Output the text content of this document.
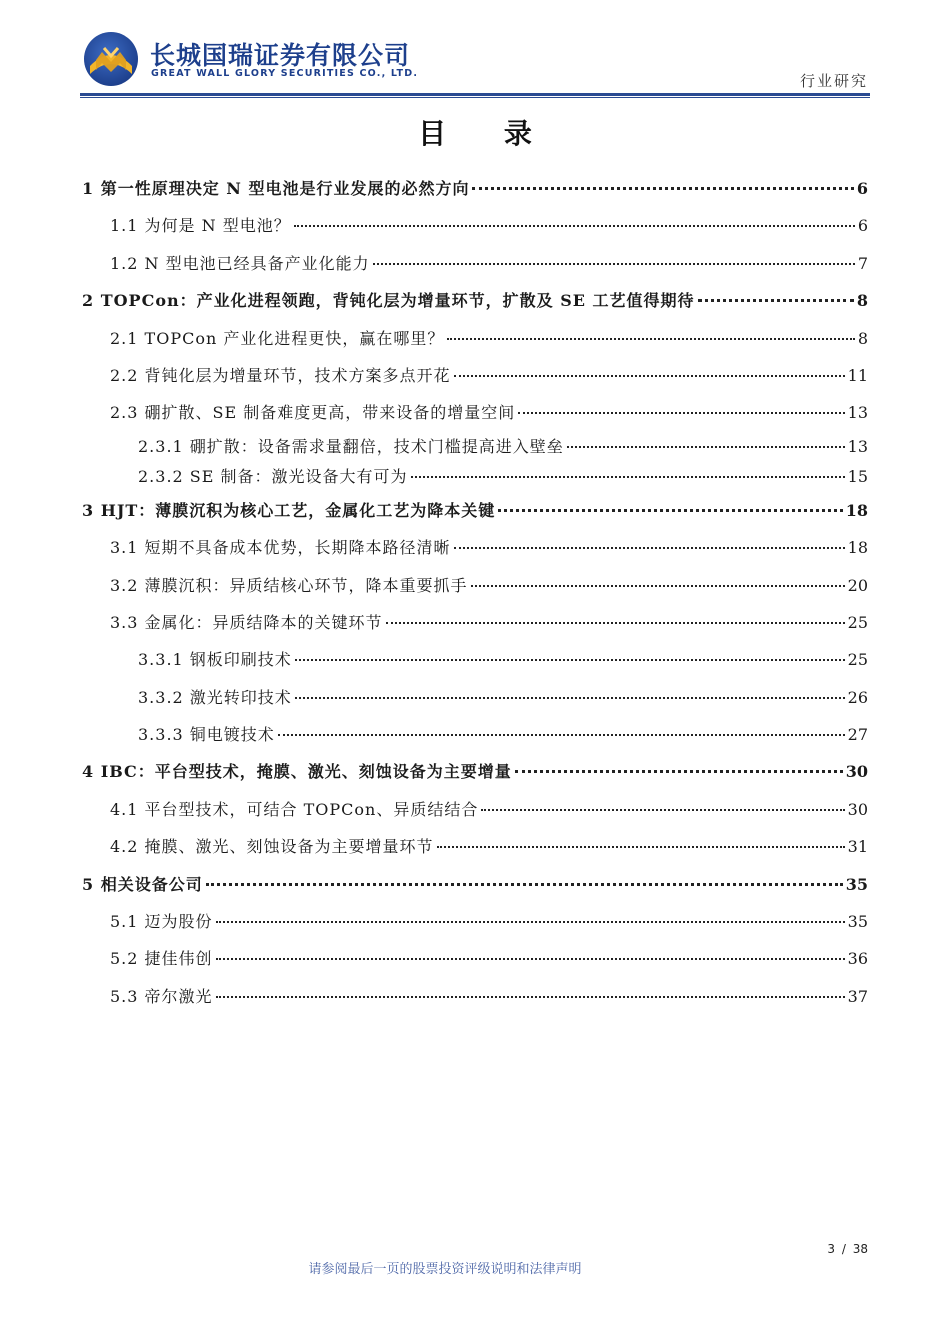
长城国瑞证券有限公司
GREAT WALL GLORY SECURITIES CO., LTD.	行业研究
目 录
1 第一性原理决定 N 型电池是行业发展的必然方向	6
1.1 为何是 N 型电池？	6
1.2 N 型电池已经具备产业化能力	7
2 TOPCon：产业化进程领跑，背钝化层为增量环节，扩散及 SE 工艺值得期待	8
2.1 TOPCon 产业化进程更快，赢在哪里？	8
2.2 背钝化层为增量环节，技术方案多点开花	11
2.3 硼扩散、SE 制备难度更高，带来设备的增量空间	13
2.3.1 硼扩散：设备需求量翻倍，技术门槛提高进入壁垒	13
2.3.2 SE 制备：激光设备大有可为	15
3 HJT：薄膜沉积为核心工艺，金属化工艺为降本关键	18
3.1 短期不具备成本优势，长期降本路径清晰	18
3.2 薄膜沉积：异质结核心环节，降本重要抓手	20
3.3 金属化：异质结降本的关键环节	25
3.3.1 钢板印刷技术	25
3.3.2 激光转印技术	26
3.3.3 铜电镀技术	27
4 IBC：平台型技术，掩膜、激光、刻蚀设备为主要增量	30
4.1 平台型技术，可结合 TOPCon、异质结结合	30
4.2 掩膜、激光、刻蚀设备为主要增量环节	31
5 相关设备公司	35
5.1 迈为股份	35
5.2 捷佳伟创	36
5.3 帝尔激光	37
3 / 38
请参阅最后一页的股票投资评级说明和法律声明
